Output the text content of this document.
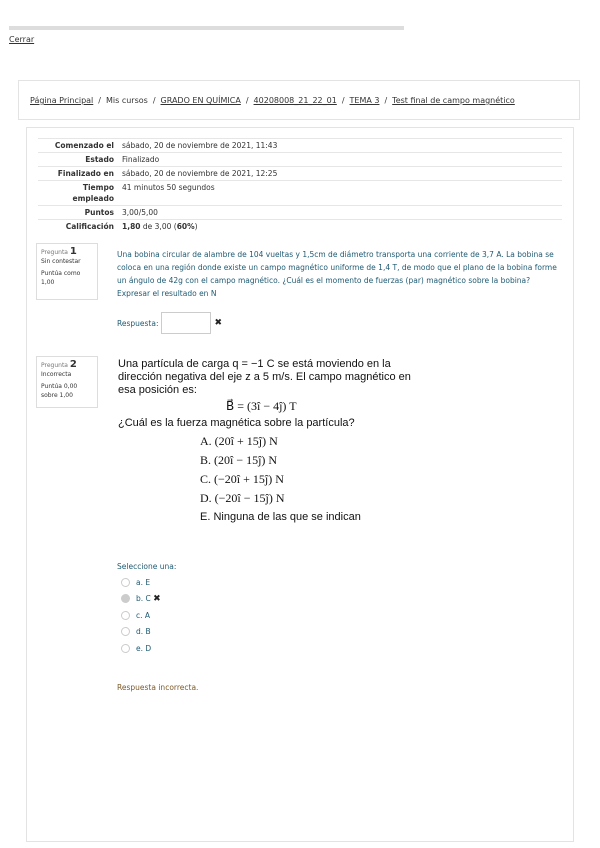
Cerrar
Página Principal / Mis cursos / GRADO EN QUÍMICA / 40208008_21_22_01 / TEMA 3 / Test final de campo magnético
Comenzado el	sábado, 20 de noviembre de 2021, 11:43
Estado	Finalizado
Finalizado en	sábado, 20 de noviembre de 2021, 12:25
Tiempo empleado	41 minutos 50 segundos
Puntos	3,00/5,00
Calificación	1,80 de 3,00 (60%)
Pregunta 1
Sin contestar
Puntúa como 1,00
Una bobina circular de alambre de 104 vueltas y 1,5cm de diámetro transporta una corriente de 3,7 A. La bobina se coloca en una región donde existe un campo magnético uniforme de 1,4 T, de modo que el plano de la bobina forme un ángulo de 42g con el campo magnético. ¿Cuál es el momento de fuerzas (par) magnético sobre la bobina? Expresar el resultado en N
Respuesta:	✖
Pregunta 2
Incorrecta
Puntúa 0,00 sobre 1,00
Una partícula de carga q = −1 C se está moviendo en la dirección negativa del eje z a 5 m/s. El campo magnético en esa posición es:
B⃗ = (3î − 4ĵ) T
¿Cuál es la fuerza magnética sobre la partícula?
A. (20î + 15ĵ) N
B. (20î − 15ĵ) N
C. (−20î + 15ĵ) N
D. (−20î − 15ĵ) N
E. Ninguna de las que se indican
Seleccione una:
a. E
b. C
✖
c. A
d. B
e. D
Respuesta incorrecta.
